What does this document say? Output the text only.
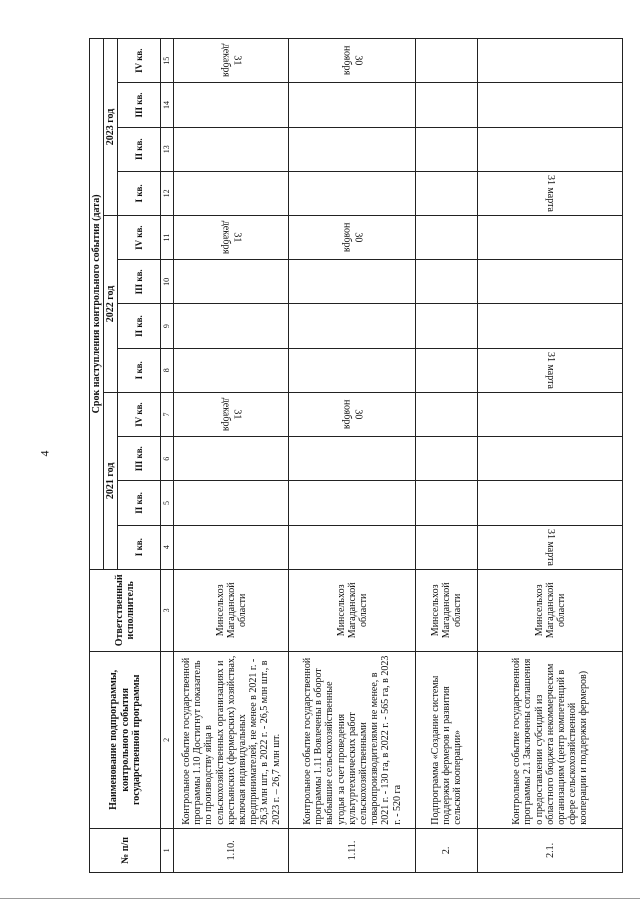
4
№ п/п	Наименование подпрограммы, контрольного события государственной программы	Ответственный исполнитель	Срок наступления контрольного события (дата)											
			2021 год				2022 год				2023 год			
			I кв.	II кв.	III кв.	IV кв.	I кв.	II кв.	III кв.	IV кв.	I кв.	II кв.	III кв.	IV кв.
1	2	3	4	5	6	7	8	9	10	11	12	13	14	15
1.10.	Контрольное событие государственной программы 1.10 Достигнут показатель по производству яйца в сельскохозяйственных организациях и крестьянских (фермерских) хозяйствах, включая индивидуальных предпринимателей, не менее в 2021 г. - 26,3 млн шт., в 2022 г. - 26,5 млн шт., в 2023 г. – 26,7 млн шт.	Минсельхоз Магаданской области				31 декабря				31 декабря				31 декабря
1.11.	Контрольное событие государственной программы 1.11 Вовлечены в оборот выбывшие сельскохозяйственные угодья за счет проведения культуртехнических работ сельскохозяйственными товаропроизводителями не менее, в 2021 г. - 130 га, в 2022 г. - 565 га, в 2023 г. - 520 га	Минсельхоз Магаданской области				30 ноября				30 ноября				30 ноября
2.	Подпрограмма «Создание системы поддержки фермеров и развития сельской кооперации»	Минсельхоз Магаданской области												
2.1.	Контрольное событие государственной программы 2.1 Заключены соглашения о предоставлении субсидий из областного бюджета некоммерческим организациям (центр компетенций в сфере сельскохозяйственной кооперации и поддержки фермеров)	Минсельхоз Магаданской области	31 марта				31 марта				31 марта			
